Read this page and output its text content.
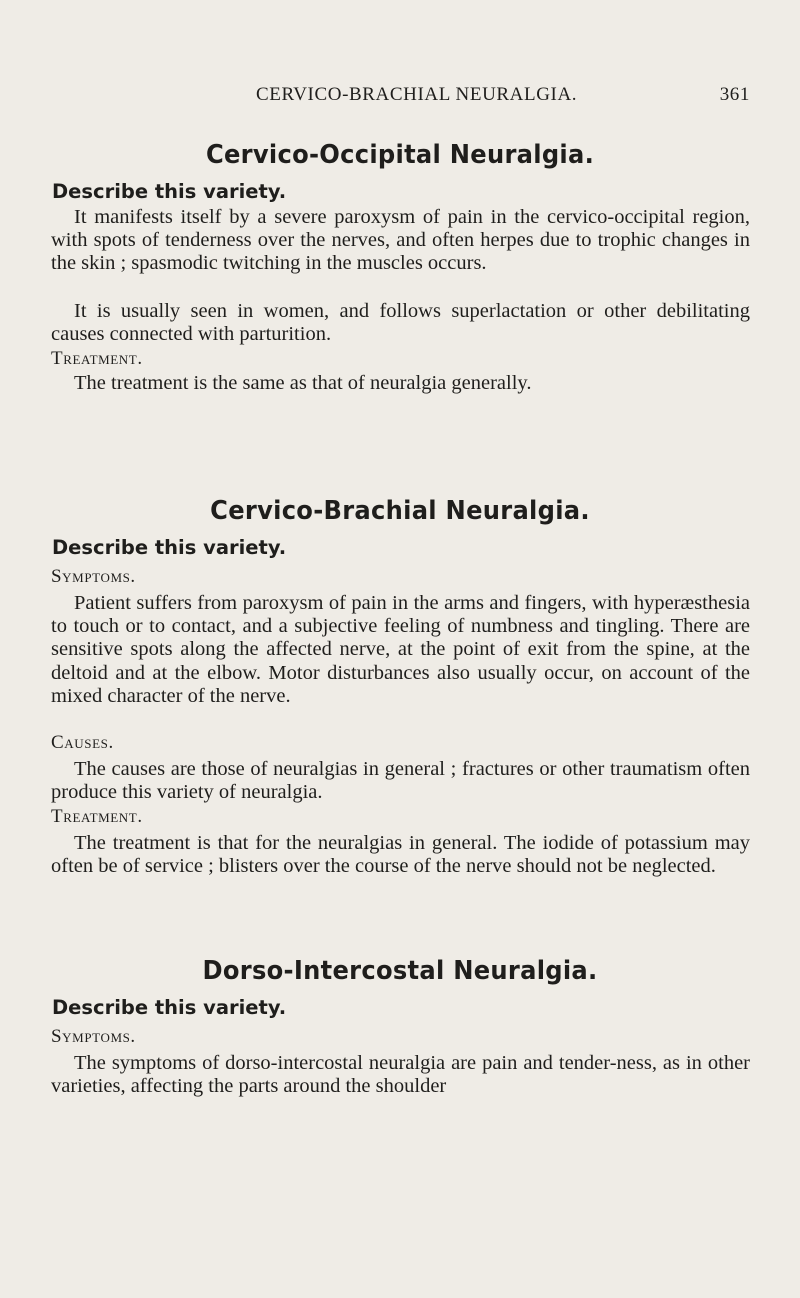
CERVICO-BRACHIAL NEURALGIA.	361
Cervico-Occipital Neuralgia.
Describe this variety.

It manifests itself by a severe paroxysm of pain in the cervico-occipital region, with spots of tenderness over the nerves, and often herpes due to trophic changes in the skin ; spasmodic twitching in the muscles occurs.

It is usually seen in women, and follows superlactation or other debilitating causes connected with parturition.

Treatment.

The treatment is the same as that of neuralgia generally.

Cervico-Brachial Neuralgia.
Describe this variety.
Symptoms.

Patient suffers from paroxysm of pain in the arms and fingers, with hyperæsthesia to touch or to contact, and a subjective feeling of numbness and tingling. There are sensitive spots along the affected nerve, at the point of exit from the spine, at the deltoid and at the elbow. Motor disturbances also usually occur, on account of the mixed character of the nerve.

Causes.

The causes are those of neuralgias in general ; fractures or other traumatism often produce this variety of neuralgia.

Treatment.

The treatment is that for the neuralgias in general. The iodide of potassium may often be of service ; blisters over the course of the nerve should not be neglected.

Dorso-Intercostal Neuralgia.
Describe this variety.
Symptoms.

The symptoms of dorso-intercostal neuralgia are pain and tender-ness, as in other varieties, affecting the parts around the shoulder
